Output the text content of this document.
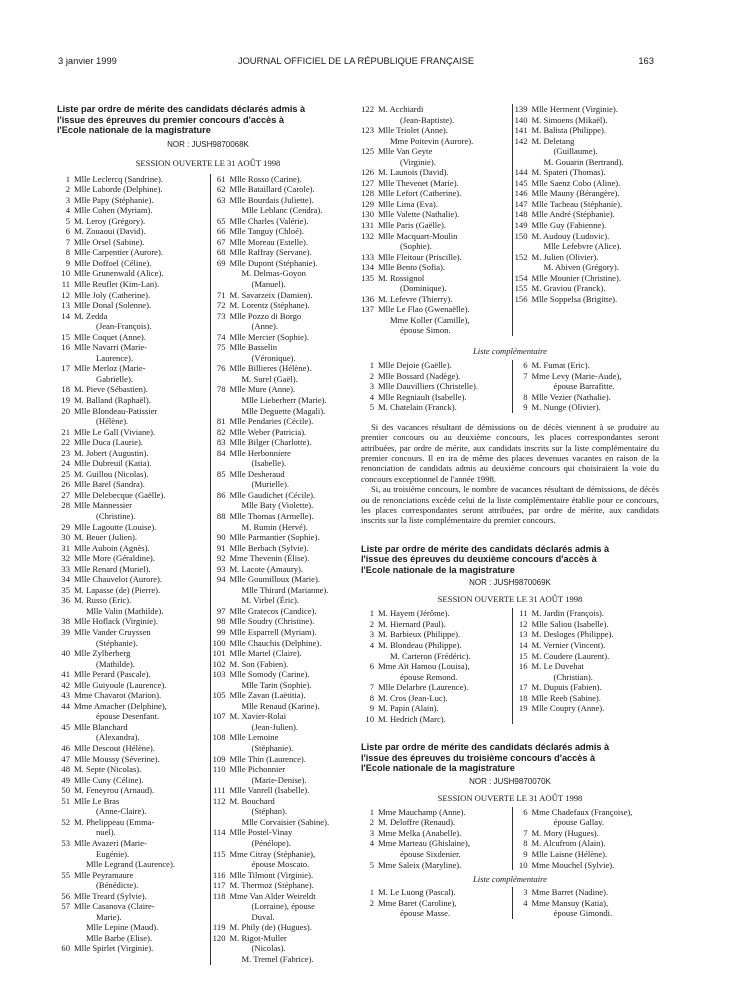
3 janvier 1999	JOURNAL OFFICIEL DE LA RÉPUBLIQUE FRANÇAISE	163
Liste par ordre de mérite des candidats déclarés admis à
l'issue des épreuves du premier concours d'accès à
l'Ecole nationale de la magistrature
NOR : JUSH9870068K
SESSION OUVERTE LE 31 AOÛT 1998
1 Mlle Leclercq (Sandrine).
2 Mlle Laborde (Delphine).
3 Mlle Papy (Stéphanie).
4 Mlle Cohen (Myriam).
5 M. Leroy (Grégory).
6 M. Zouaoui (David).
7 Mlle Orsel (Sabine).
8 Mlle Carpentier (Aurore).
9 Mlle Doffoel (Céline).
10 Mlle Grunenwald (Alice).
11 Mlle Reuflet (Kim-Lan).
12 Mlle Joly (Catherine).
13 Mlle Donal (Solenne).
14 M. Zedda
(Jean-François).
15 Mlle Coquet (Anne).
16 Mlle Navarri (Marie-
Laurence).
17 Mlle Merloz (Marie-
Gabrielle).
18 M. Pieve (Sébastien).
19 M. Balland (Raphaël).
20 Mlle Blondeau-Patissier
(Hélène).
21 Mlle Le Gall (Viviane).
22 Mlle Duca (Laurie).
23 M. Jobert (Augustin).
24 Mlle Dubreuil (Katia).
25 M. Guillou (Nicolas).
26 Mlle Barel (Sandra).
27 Mlle Delebecque (Gaëlle).
28 Mlle Mannessier
(Christine).
29 Mlle Lagoutte (Louise).
30 M. Beuer (Julien).
31 Mlle Auboin (Agnès).
32 Mlle More (Géraldine).
33 Mlle Renard (Muriel).
34 Mlle Chauvelot (Aurore).
35 M. Lapasse (de) (Pierre).
36 M. Russo (Eric).
Mlle Valin (Mathilde).
38 Mlle Hoflack (Virginie).
39 Mlle Vander Cruyssen
(Stéphanie).
40 Mlle Zylberberg
(Mathilde).
41 Mlle Perard (Pascale).
42 Mlle Guiyoule (Laurence).
43 Mme Chavarot (Marion).
44 Mme Amacher (Delphine),
épouse Desenfant.
45 Mlle Blanchard
(Alexandra).
46 Mlle Descout (Hélène).
47 Mlle Moussy (Séverine).
48 M. Septe (Nicolas).
49 Mlle Cuny (Céline).
50 M. Feneyrou (Arnaud).
51 Mlle Le Bras
(Anne-Claire).
52 M. Phelippeau (Emma-
nuel).
53 Mlle Avazeri (Marie-
Eugénie).
Mlle Legrand (Laurence).
55 Mlle Peyramaure
(Bénédicte).
56 Mlle Treard (Sylvie).
57 Mlle Casanova (Claire-
Marie).
Mlle Lepine (Maud).
Mlle Barbe (Elise).
60 Mlle Spirlet (Virginie).
61 Mlle Rosso (Carine).
62 Mlle Bataillard (Carole).
63 Mlle Bourdais (Juliette).
Mlle Leblanc (Cendra).
65 Mlle Charles (Valérie).
66 Mlle Tanguy (Chloé).
67 Mlle Moreau (Estelle).
68 Mlle Raffray (Servane).
69 Mlle Dupont (Stéphanie).
M. Delmas-Goyon
(Manuel).
71 M. Savarzeix (Damien).
72 M. Lorentz (Stéphane).
73 Mlle Pozzo di Borgo
(Anne).
74 Mlle Mercier (Sophie).
75 Mlle Basselin
(Véronique).
76 Mlle Billieres (Hélène).
M. Surel (Gaël).
78 Mlle Mure (Anne).
Mlle Lieberherr (Marie).
Mlle Deguette (Magali).
81 Mlle Pendaries (Cécile).
82 Mlle Weber (Patricia).
83 Mlle Bilger (Charlotte).
84 Mlle Herbonniere
(Isabelle).
85 Mlle Desheraud
(Murielle).
86 Mlle Gaudichet (Cécile).
Mlle Baty (Violette).
88 Mlle Thomas (Armelle).
M. Rumin (Hervé).
90 Mlle Parmantier (Sophie).
91 Mlle Berbach (Sylvie).
92 Mme Thevenin (Élise).
93 M. Lacote (Amaury).
94 Mlle Goumilloux (Marie).
Mlle Thirard (Marianne).
M. Virbel (Éric).
97 Mlle Gratecos (Candice).
98 Mlle Soudry (Christine).
99 Mlle Esparrell (Myriam).
100 Mlle Chauchis (Delphine).
101 Mlle Martel (Claire).
102 M. Son (Fabien).
103 Mlle Somody (Carine).
Mlle Tarin (Sophie).
105 Mlle Zavan (Laëtitia).
Mlle Renaud (Karine).
107 M. Xavier-Rolai
(Jean-Julien).
108 Mlle Lemoine
(Stéphanie).
109 Mlle Thin (Laurence).
110 Mlle Pichonnier
(Marie-Denise).
111 Mlle Vanrell (Isabelle).
112 M. Bouchard
(Stéphan).
Mlle Corvaisier (Sabine).
114 Mlle Postel-Vinay
(Pénélope).
115 Mme Citray (Stéphanie),
épouse Moscato.
116 Mlle Tilmont (Virginie).
117 M. Thermoz (Stéphane).
118 Mme Van Alder Weireldt
(Lorraine), épouse
Duval.
119 M. Phily (de) (Hugues).
120 M. Rigot-Muller
(Nicolas).
M. Tremel (Fabrice).
122 M. Acchiardi
(Jean-Baptiste).
123 Mlle Triolet (Anne).
Mme Poitevin (Aurore).
125 Mlle Van Geyte
(Virginie).
126 M. Launois (David).
127 Mlle Thevenet (Marie).
128 Mlle Lefort (Catherine).
129 Mlle Lima (Eva).
130 Mlle Valette (Nathalie).
131 Mlle Paris (Gaëlle).
132 Mlle Macquart-Moulin
(Sophie).
133 Mlle Fleitour (Priscille).
134 Mlle Bento (Sofia).
135 M. Rossignol
(Dominique).
136 M. Lefevre (Thierry).
137 Mlle Le Flao (Gwenaëlle).
Mme Koller (Camille),
épouse Simon.
139 Mlle Herment (Virginie).
140 M. Simoens (Mikaël).
141 M. Balista (Philippe).
142 M. Deletang
(Guillaume).
M. Gouarin (Bertrand).
144 M. Spateri (Thomas).
145 Mlle Saenz Cobo (Aline).
146 Mlle Mauny (Bérangère).
147 Mlle Tacheau (Stéphanie).
148 Mlle André (Stéphanie).
149 Mlle Guy (Fabienne).
150 M. Audouy (Ludovic).
Mlle Lefebvre (Alice).
152 M. Julien (Olivier).
M. Abiven (Grégory).
154 Mlle Mounier (Christine).
155 M. Graviou (Franck).
156 Mlle Soppelsa (Brigitte).
Liste complémentaire
1 Mlle Dejoie (Gaëlle).
2 Mlle Bossard (Nadège).
3 Mlle Dauvilliers (Christelle).
4 Mlle Regniault (Isabelle).
5 M. Chatelain (Franck).
6 M. Fumat (Eric).
7 Mme Levy (Marie-Aude),
épouse Barrafitte.
8 Mlle Vezier (Nathalie).
9 M. Nunge (Olivier).
Si des vacances résultant de démissions ou de décès viennent à se produire au premier concours ou au deuxième concours, les places correspondantes seront attribuées, par ordre de mérite, aux candidats inscrits sur la liste complémentaire du premier concours. Il en ira de même des places devenues vacantes en raison de la renonciation de candidats admis au deuxième concours qui choisiraient la voie du concours exceptionnel de l'année 1998.
Si, au troisième concours, le nombre de vacances résultant de démissions, de décès ou de renonciations excède celui de la liste complémentaire établie pour ce concours, les places correspondantes seront attribuées, par ordre de mérite, aux candidats inscrits sur la liste complémentaire du premier concours.
Liste par ordre de mérite des candidats déclarés admis à
l'issue des épreuves du deuxième concours d'accès à
l'Ecole nationale de la magistrature
NOR : JUSH9870069K
SESSION OUVERTE LE 31 AOÛT 1998
1 M. Hayem (Jérôme).
2 M. Hiernard (Paul).
3 M. Barbieux (Philippe).
4 M. Blondeau (Philippe).
M. Carteron (Frédéric).
6 Mme Aït Hamou (Louisa),
épouse Remond.
7 Mlle Delarbre (Laurence).
8 M. Cros (Jean-Luc).
9 M. Papin (Alain).
10 M. Hedrich (Marc).
11 M. Jardin (François).
12 Mlle Saliou (Isabelle).
13 M. Desloges (Philippe).
14 M. Vernier (Vincent).
15 M. Coudere (Laurent).
16 M. Le Duvehat
(Christian).
17 M. Dupuis (Fabien).
18 Mlle Reeb (Sabine).
19 Mlle Coupry (Anne).
Liste par ordre de mérite des candidats déclarés admis à
l'issue des épreuves du troisième concours d'accès à
l'Ecole nationale de la magistrature
NOR : JUSH9870070K
SESSION OUVERTE LE 31 AOÛT 1998
1 Mme Mauchamp (Anne).
2 M. Deloffre (Renaud).
3 Mme Melka (Anabelle).
4 Mme Marteau (Ghislaine),
épouse Sixdenier.
5 Mme Saleix (Maryline).
6 Mme Chadefaux (Françoise),
épouse Gallay.
7 M. Mory (Hugues).
8 M. Alcufrom (Alain).
9 Mlle Laisne (Hélène).
10 Mme Mouchel (Sylvie).
Liste complémentaire
1 M. Le Luong (Pascal).
2 Mme Baret (Caroline),
épouse Masse.
3 Mme Barret (Nadine).
4 Mme Mansuy (Katia),
épouse Gimondi.
